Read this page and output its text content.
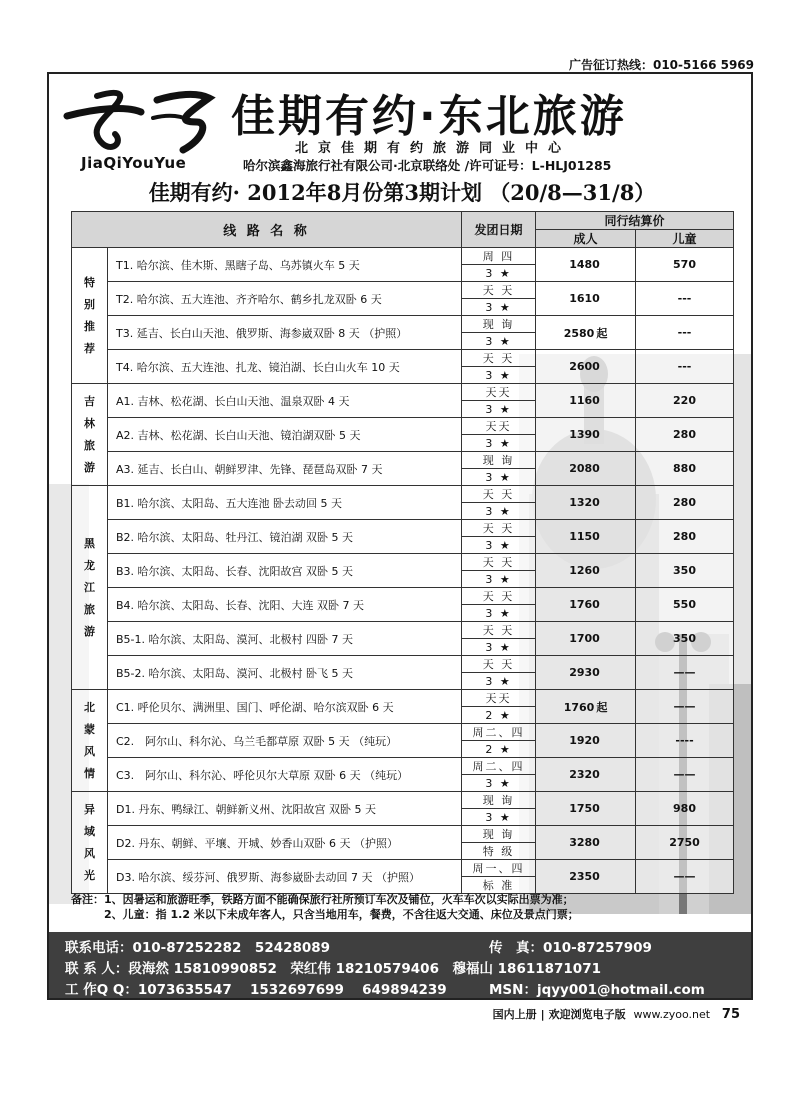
广告征订热线：010-5166 5969
JiaQiYouYue
佳期有约·东北旅游
北京佳期有约旅游同业中心
哈尔滨鑫海旅行社有限公司·北京联络处 /许可证号：L-HLJ01285
佳期有约· 2012年8月份第3期计划 （20/8—31/8）
线 路 名 称		发团日期	同行结算价	
			成人	儿童

特别推荐	T1. 哈尔滨、佳木斯、黑瞎子岛、乌苏镇火车 5 天	周 四	1480	570
		3 ★		
	T2. 哈尔滨、五大连池、齐齐哈尔、鹤乡扎龙双卧 6 天	天 天	1610	---
		3 ★		
	T3. 延吉、长白山天池、俄罗斯、海参崴双卧 8 天 （护照）	现 询	2580 起	---
		3 ★		
	T4. 哈尔滨、五大连池、扎龙、镜泊湖、长白山火车 10 天	天 天	2600	---
		3 ★		

吉林旅游	A1. 吉林、松花湖、长白山天池、温泉双卧 4 天	天天	1160	220
		3 ★		
	A2. 吉林、松花湖、长白山天池、镜泊湖双卧 5 天	天天	1390	280
		3 ★		
	A3. 延吉、长白山、朝鲜罗津、先锋、琵琶岛双卧 7 天	现 询	2080	880
		3 ★		

黑龙江旅游	B1. 哈尔滨、太阳岛、五大连池 卧去动回 5 天	天 天	1320	280
		3 ★		
	B2. 哈尔滨、太阳岛、牡丹江、镜泊湖 双卧 5 天	天 天	1150	280
		3 ★		
	B3. 哈尔滨、太阳岛、长春、沈阳故宫 双卧 5 天	天 天	1260	350
		3 ★		
	B4. 哈尔滨、太阳岛、长春、沈阳、大连 双卧 7 天	天 天	1760	550
		3 ★		
	B5-1. 哈尔滨、太阳岛、漠河、北极村 四卧 7 天	天 天	1700	350
		3 ★		
	B5-2. 哈尔滨、太阳岛、漠河、北极村 卧飞 5 天	天 天	2930	——
		3 ★		

北蒙风情	C1. 呼伦贝尔、满洲里、国门、呼伦湖、哈尔滨双卧 6 天	天天	1760 起	——
		2 ★		
	C2.　阿尔山、科尔沁、乌兰毛都草原 双卧 5 天 （纯玩）	周二、四	1920	----
		2 ★		
	C3.　阿尔山、科尔沁、呼伦贝尔大草原 双卧 6 天 （纯玩）	周二、四	2320	——
		3 ★		

异域风光	D1. 丹东、鸭绿江、朝鲜新义州、沈阳故宫 双卧 5 天	现 询	1750	980
		3 ★		
	D2. 丹东、朝鲜、平壤、开城、妙香山双卧 6 天 （护照）	现 询	3280	2750
		特 级		
	D3. 哈尔滨、绥芬河、俄罗斯、海参崴卧去动回 7 天 （护照）	周一、四	2350	——
		标 准		
备注：1、因暑运和旅游旺季，铁路方面不能确保旅行社所预订车次及铺位，火车车次以实际出票为准；
　　　2、儿童：指 1.2 米以下未成年客人，只含当地用车，餐费，不含往返大交通、床位及景点门票；
联系电话：010-87252282　52428089	传　真：010-87257909
联 系 人：段海然 15810990852　荣红伟 18210579406　穆福山 18611871071
工 作Q Q：1073635547　 1532697699　 649894239	MSN：jqyy001@hotmail.com
国内上册 | 欢迎浏览电子版 www.zyoo.net 75
